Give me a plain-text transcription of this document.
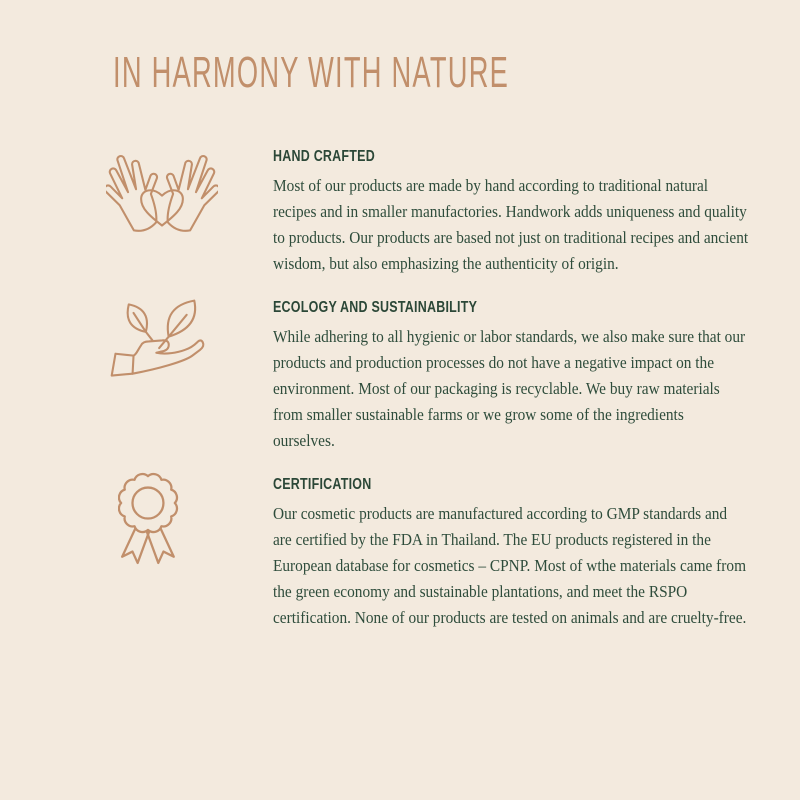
IN HARMONY WITH NATURE
HAND CRAFTED

Most of our products are made by hand according to traditional natural recipes and in smaller manufactories. Handwork adds uniqueness and quality to products. Our products are based not just on traditional recipes and ancient wisdom, but also emphasizing the authenticity of origin.

ECOLOGY AND SUSTAINABILITY

While adhering to all hygienic or labor standards, we also make sure that our products and production processes do not have a negative impact on the environment. Most of our packaging is recyclable. We buy raw materials from smaller sustainable farms or we grow some of the ingredients ourselves.

CERTIFICATION

Our cosmetic products are manufactured according to GMP standards and are certified by the FDA in Thailand. The EU products registered in the European database for cosmetics – CPNP. Most of wthe materials came from the green economy and sustainable plantations, and meet the RSPO certification. None of our products are tested on animals and are cruelty-free.
